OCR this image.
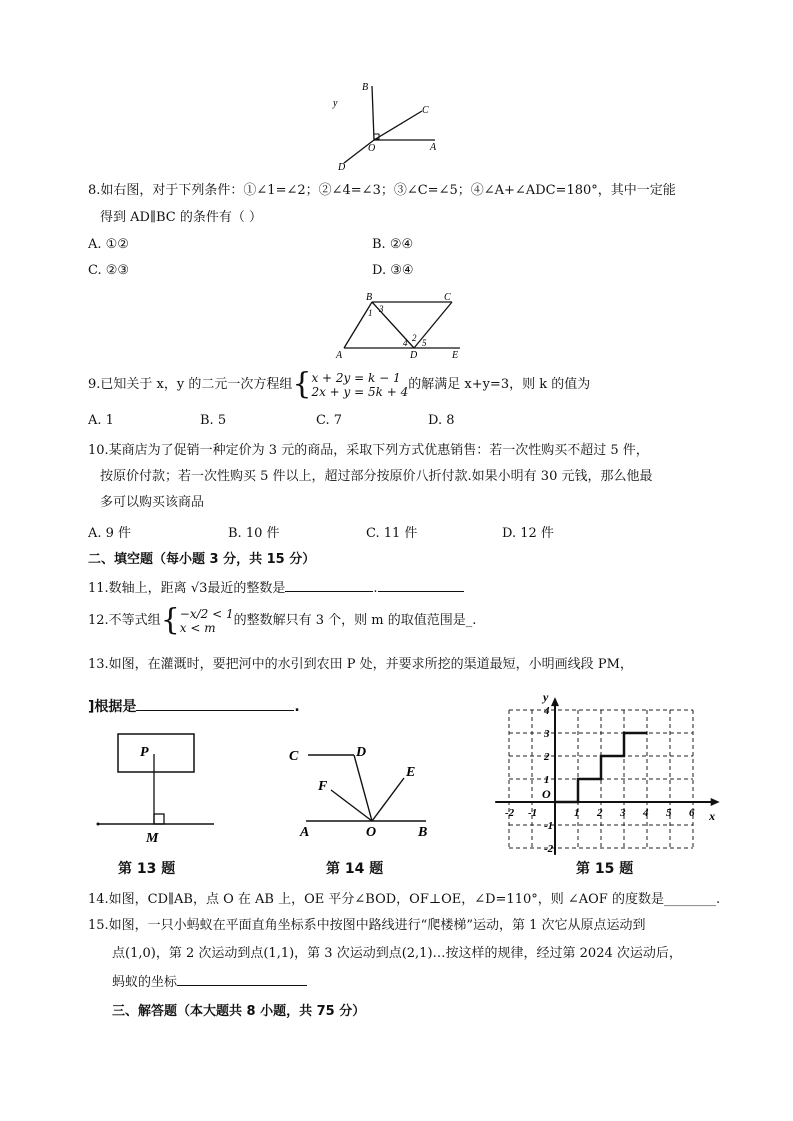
B
C
O	A
D
y
8.如右图，对于下列条件：①∠1=∠2；②∠4=∠3；③∠C=∠5；④∠A+∠ADC=180°，其中一定能
得到 AD∥BC 的条件有（ ）
A. ①②	B. ②④
C. ②③	D. ③④
B	C
1 3
2
4 5
A	D	E
9.已知关于 x，y 的二元一次方程组{x + 2y = k − 1
2x + y = 5k + 4的解满足 x+y=3，则 k 的值为
A. 1	B. 5	C. 7	D. 8
10.某商店为了促销一种定价为 3 元的商品，采取下列方式优惠销售：若一次性购买不超过 5 件，
按原价付款；若一次性购买 5 件以上，超过部分按原价八折付款.如果小明有 30 元钱，那么他最
多可以购买该商品
A. 9 件	B. 10 件	C. 11 件	D. 12 件
二、填空题（每小题 3 分，共 15 分）
11.数轴上，距离 √3最近的整数是	.
12.不等式组{−x/2 < 1
x < m 的整数解只有 3 个，则 m 的取值范围是_.
13.如图，在灌溉时，要把河中的水引到农田 P 处，并要求所挖的渠道最短，小明画线段 PM，
]根据是	.
P
M
第 13 题
C	D
F
E
A	O	B
第 14 题
x
y
O
-2 -1	1 2 3 4 5 6
4
3
2
1
-1
-2
第 15 题
14.如图，CD∥AB，点 O 在 AB 上，OE 平分∠BOD，OF⊥OE，∠D=110°，则 ∠AOF 的度数是________.
15.如图，一只小蚂蚁在平面直角坐标系中按图中路线进行“爬楼梯”运动，第 1 次它从原点运动到
点(1,0)，第 2 次运动到点(1,1)，第 3 次运动到点(2,1)…按这样的规律，经过第 2024 次运动后，
蚂蚁的坐标
三、解答题（本大题共 8 小题，共 75 分）
